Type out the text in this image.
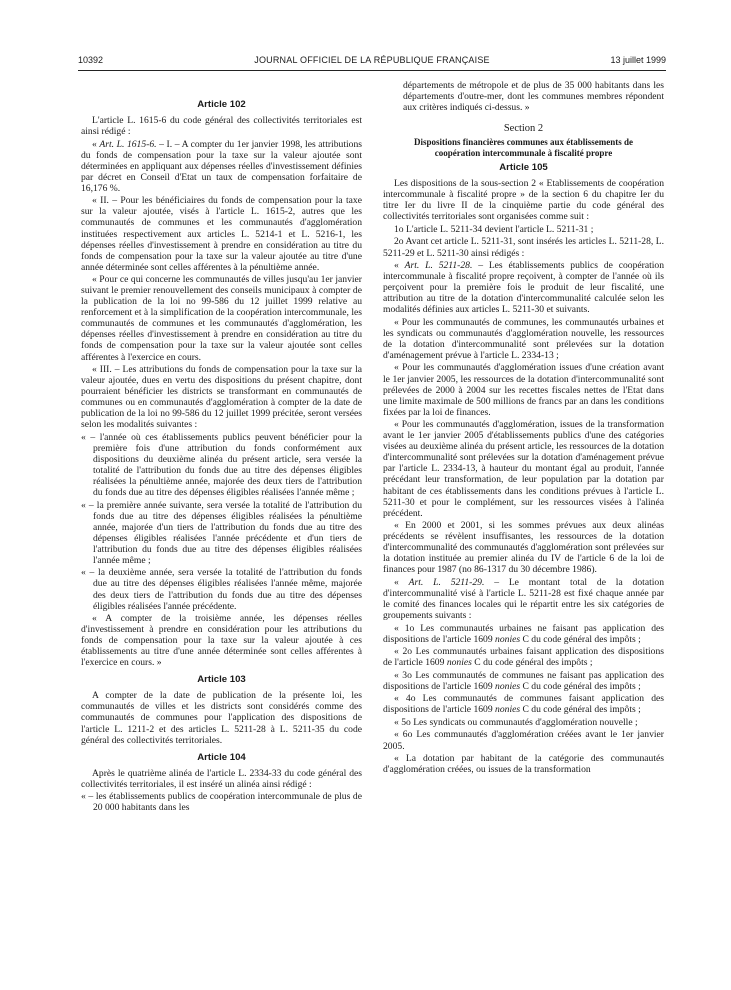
10392	JOURNAL OFFICIEL DE LA RÉPUBLIQUE FRANÇAISE	13 juillet 1999
Article 102

L'article L. 1615-6 du code général des collectivités territoriales est ainsi rédigé :

« Art. L. 1615-6. – I. – A compter du 1er janvier 1998, les attributions du fonds de compensation pour la taxe sur la valeur ajoutée sont déterminées en appliquant aux dépenses réelles d'investissement définies par décret en Conseil d'Etat un taux de compensation forfaitaire de 16,176 %.

« II. – Pour les bénéficiaires du fonds de compensation pour la taxe sur la valeur ajoutée, visés à l'article L. 1615-2, autres que les communautés de communes et les communautés d'agglomération instituées respectivement aux articles L. 5214-1 et L. 5216-1, les dépenses réelles d'investissement à prendre en considération au titre du fonds de compensation pour la taxe sur la valeur ajoutée au titre d'une année déterminée sont celles afférentes à la pénultième année.

« Pour ce qui concerne les communautés de villes jusqu'au 1er janvier suivant le premier renouvellement des conseils municipaux à compter de la publication de la loi no 99-586 du 12 juillet 1999 relative au renforcement et à la simplification de la coopération intercommunale, les communautés de communes et les communautés d'agglomération, les dépenses réelles d'investissement à prendre en considération au titre du fonds de compensation pour la taxe sur la valeur ajoutée sont celles afférentes à l'exercice en cours.

« III. – Les attributions du fonds de compensation pour la taxe sur la valeur ajoutée, dues en vertu des dispositions du présent chapitre, dont pourraient bénéficier les districts se transformant en communautés de communes ou en communautés d'agglomération à compter de la date de publication de la loi no 99-586 du 12 juillet 1999 précitée, seront versées selon les modalités suivantes :

« – l'année où ces établissements publics peuvent bénéficier pour la première fois d'une attribution du fonds conformément aux dispositions du deuxième alinéa du présent article, sera versée la totalité de l'attribution du fonds due au titre des dépenses éligibles réalisées la pénultième année, majorée des deux tiers de l'attribution du fonds due au titre des dépenses éligibles réalisées l'année même ;

« – la première année suivante, sera versée la totalité de l'attribution du fonds due au titre des dépenses éligibles réalisées la pénultième année, majorée d'un tiers de l'attribution du fonds due au titre des dépenses éligibles réalisées l'année précédente et d'un tiers de l'attribution du fonds due au titre des dépenses éligibles réalisées l'année même ;

« – la deuxième année, sera versée la totalité de l'attribution du fonds due au titre des dépenses éligibles réalisées l'année même, majorée des deux tiers de l'attribution du fonds due au titre des dépenses éligibles réalisées l'année précédente.

« A compter de la troisième année, les dépenses réelles d'investissement à prendre en considération pour les attributions du fonds de compensation pour la taxe sur la valeur ajoutée à ces établissements au titre d'une année déterminée sont celles afférentes à l'exercice en cours. »

Article 103

A compter de la date de publication de la présente loi, les communautés de villes et les districts sont considérés comme des communautés de communes pour l'application des dispositions de l'article L. 1211-2 et des articles L. 5211-28 à L. 5211-35 du code général des collectivités territoriales.

Article 104

Après le quatrième alinéa de l'article L. 2334-33 du code général des collectivités territoriales, il est inséré un alinéa ainsi rédigé :

« – les établissements publics de coopération intercommunale de plus de 20 000 habitants dans les

départements de métropole et de plus de 35 000 habitants dans les départements d'outre-mer, dont les communes membres répondent aux critères indiqués ci-dessus. »

Section 2
Dispositions financières communes aux établissements de coopération intercommunale à fiscalité propre
Article 105

Les dispositions de la sous-section 2 « Etablissements de coopération intercommunale à fiscalité propre » de la section 6 du chapitre Ier du titre Ier du livre II de la cinquième partie du code général des collectivités territoriales sont organisées comme suit :

1o L'article L. 5211-34 devient l'article L. 5211-31 ;

2o Avant cet article L. 5211-31, sont insérés les articles L. 5211-28, L. 5211-29 et L. 5211-30 ainsi rédigés :

« Art. L. 5211-28. – Les établissements publics de coopération intercommunale à fiscalité propre reçoivent, à compter de l'année où ils perçoivent pour la première fois le produit de leur fiscalité, une attribution au titre de la dotation d'intercommunalité calculée selon les modalités définies aux articles L. 5211-30 et suivants.

« Pour les communautés de communes, les communautés urbaines et les syndicats ou communautés d'agglomération nouvelle, les ressources de la dotation d'intercommunalité sont prélevées sur la dotation d'aménagement prévue à l'article L. 2334-13 ;

« Pour les communautés d'agglomération issues d'une création avant le 1er janvier 2005, les ressources de la dotation d'intercommunalité sont prélevées de 2000 à 2004 sur les recettes fiscales nettes de l'Etat dans une limite maximale de 500 millions de francs par an dans les conditions fixées par la loi de finances.

« Pour les communautés d'agglomération, issues de la transformation avant le 1er janvier 2005 d'établissements publics d'une des catégories visées au deuxième alinéa du présent article, les ressources de la dotation d'intercommunalité sont prélevées sur la dotation d'aménagement prévue par l'article L. 2334-13, à hauteur du montant égal au produit, l'année précédant leur transformation, de leur population par la dotation par habitant de ces établissements dans les conditions prévues à l'article L. 5211-30 et pour le complément, sur les ressources visées à l'alinéa précédent.

« En 2000 et 2001, si les sommes prévues aux deux alinéas précédents se révèlent insuffisantes, les ressources de la dotation d'intercommunalité des communautés d'agglomération sont prélevées sur la dotation instituée au premier alinéa du IV de l'article 6 de la loi de finances pour 1987 (no 86-1317 du 30 décembre 1986).

« Art. L. 5211-29. – Le montant total de la dotation d'intercommunalité visé à l'article L. 5211-28 est fixé chaque année par le comité des finances locales qui le répartit entre les six catégories de groupements suivants :

« 1o Les communautés urbaines ne faisant pas application des dispositions de l'article 1609 nonies C du code général des impôts ;

« 2o Les communautés urbaines faisant application des dispositions de l'article 1609 nonies C du code général des impôts ;

« 3o Les communautés de communes ne faisant pas application des dispositions de l'article 1609 nonies C du code général des impôts ;

« 4o Les communautés de communes faisant application des dispositions de l'article 1609 nonies C du code général des impôts ;

« 5o Les syndicats ou communautés d'agglomération nouvelle ;

« 6o Les communautés d'agglomération créées avant le 1er janvier 2005.

« La dotation par habitant de la catégorie des communautés d'agglomération créées, ou issues de la transformation
